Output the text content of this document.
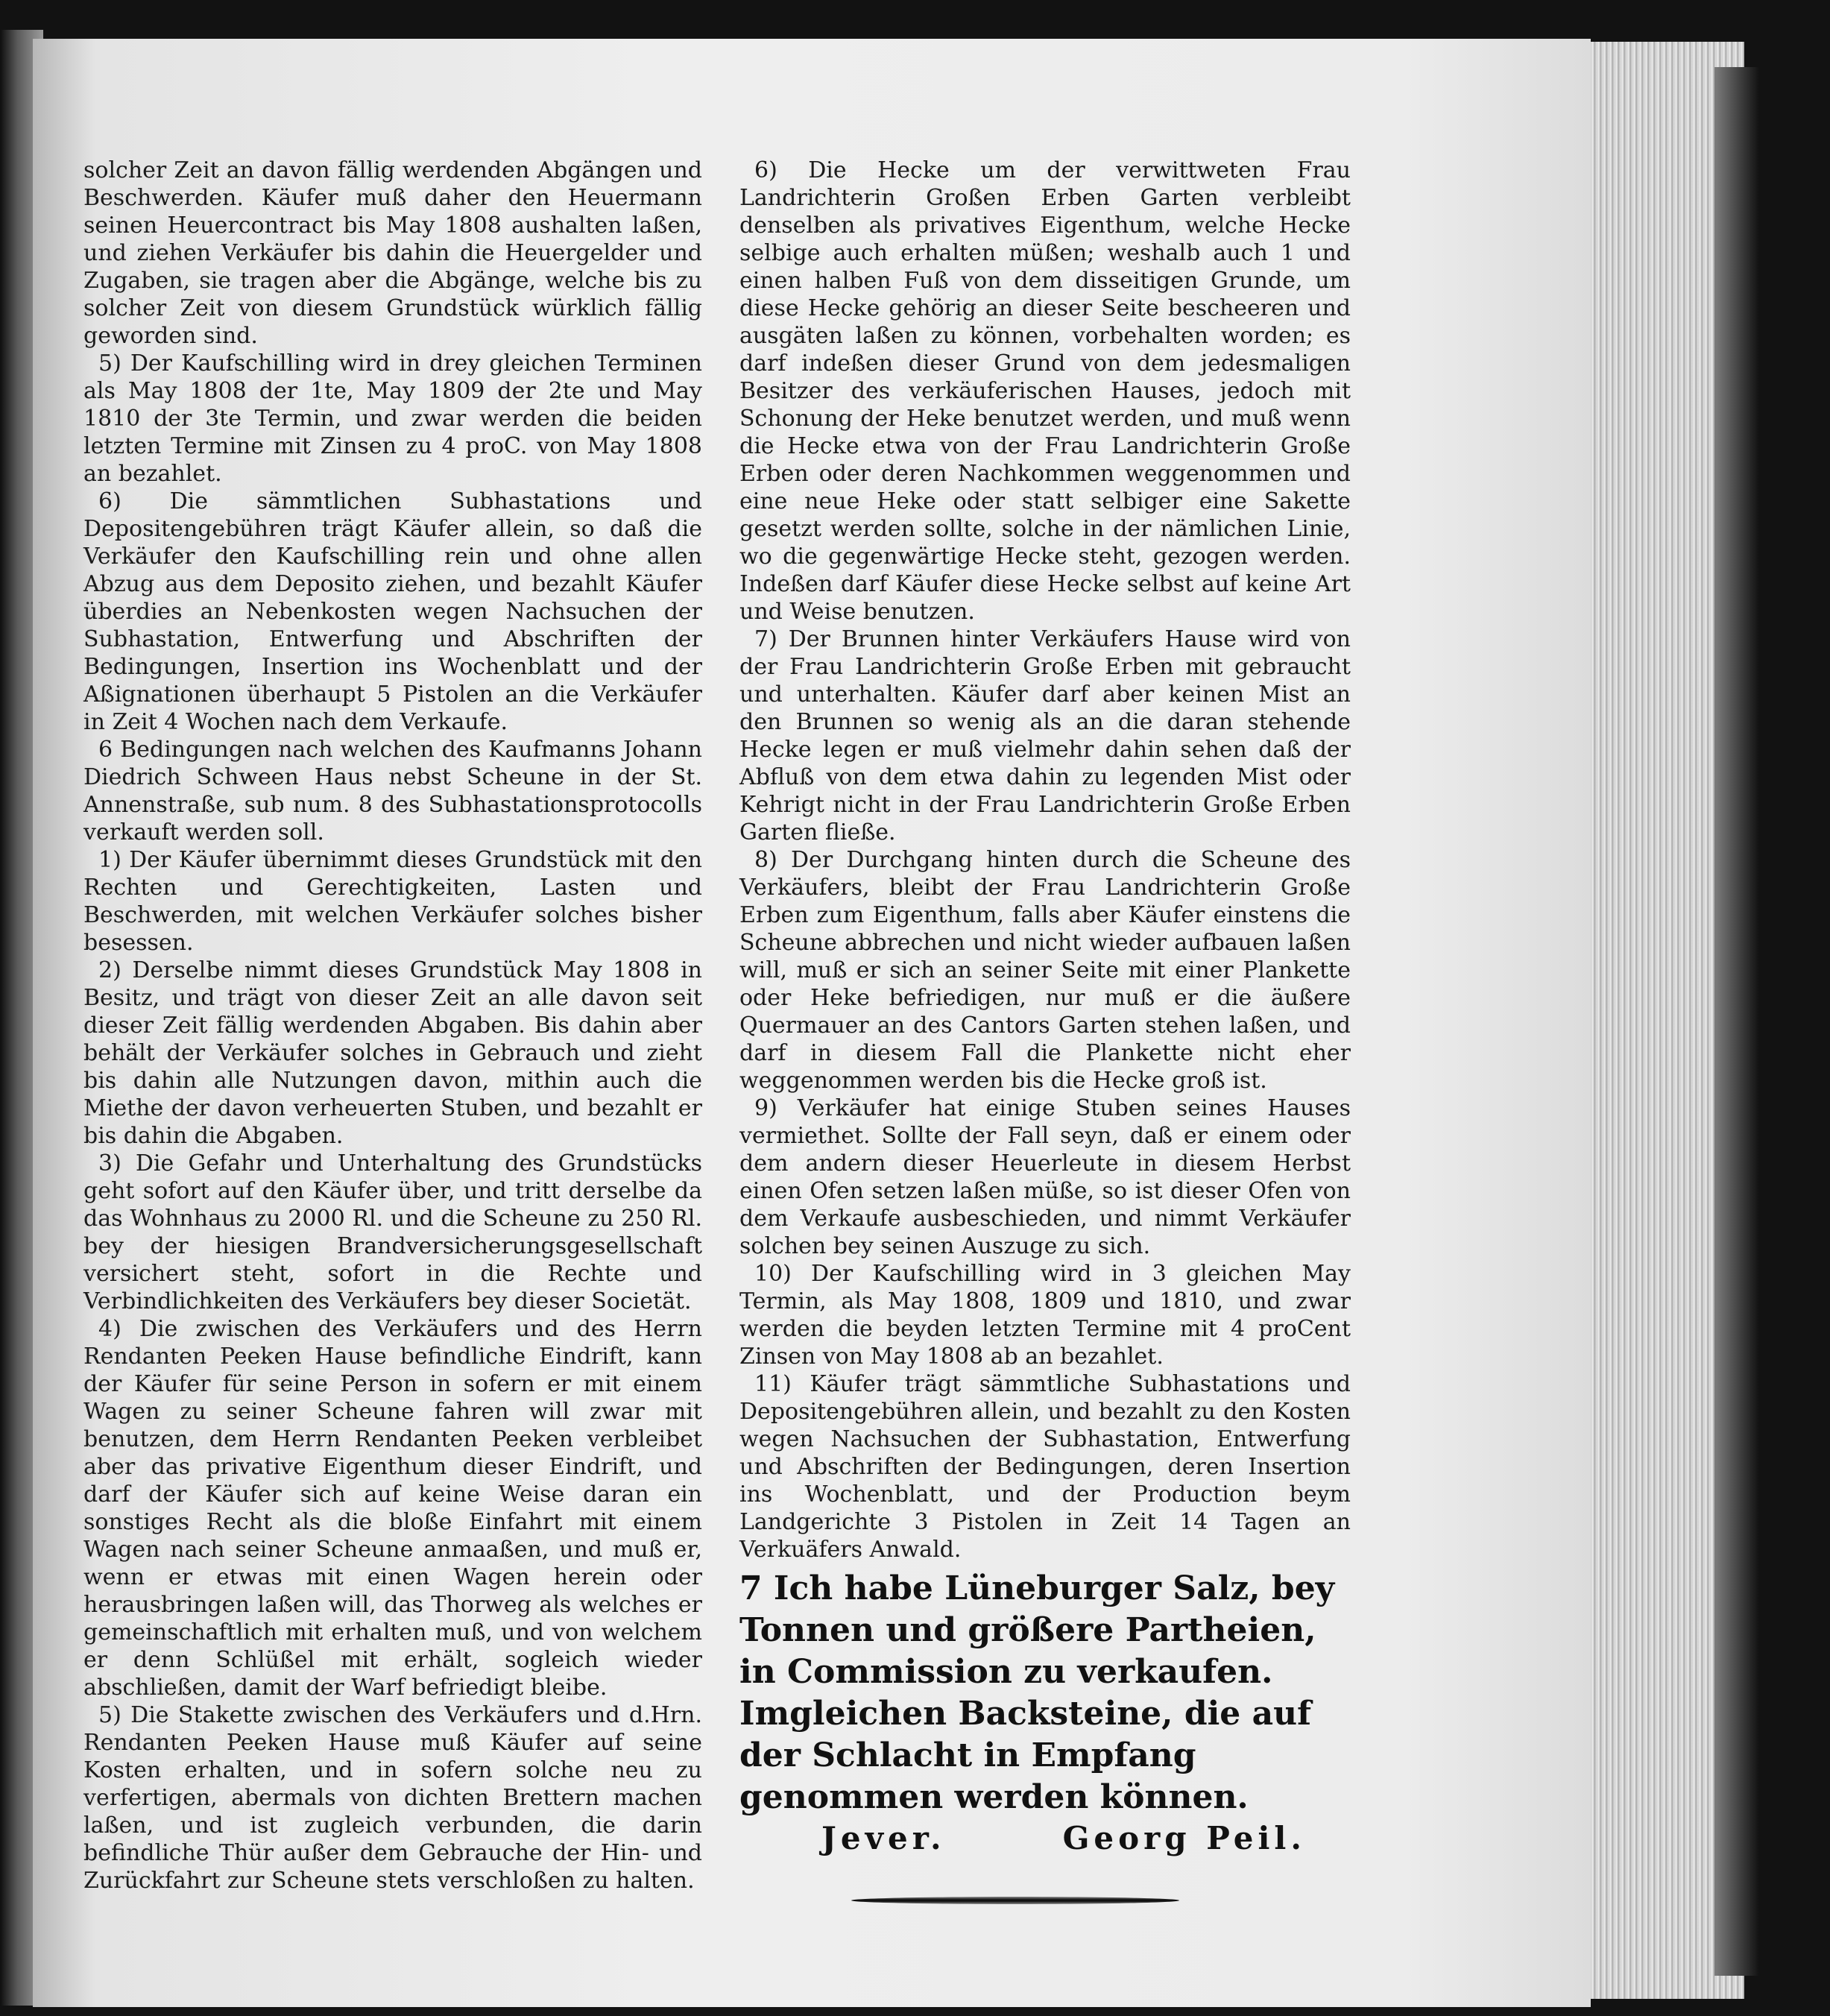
solcher Zeit an davon fällig werdenden Abgängen und Beschwerden. Käufer muß daher den Heuermann seinen Heuercontract bis May 1808 aushalten laßen, und ziehen Verkäufer bis dahin die Heuergelder und Zugaben, sie tragen aber die Abgänge, welche bis zu solcher Zeit von diesem Grundstück würklich fällig geworden sind.

5) Der Kaufschilling wird in drey gleichen Terminen als May 1808 der 1te, May 1809 der 2te und May 1810 der 3te Termin, und zwar werden die beiden letzten Termine mit Zinsen zu 4 proC. von May 1808 an bezahlet.

6) Die sämmtlichen Subhastations und Depositengebühren trägt Käufer allein, so daß die Verkäufer den Kaufschilling rein und ohne allen Abzug aus dem Deposito ziehen, und bezahlt Käufer überdies an Nebenkosten wegen Nachsuchen der Subhastation, Entwerfung und Abschriften der Bedingungen, Insertion ins Wochenblatt und der Aßignationen überhaupt 5 Pistolen an die Verkäufer in Zeit 4 Wochen nach dem Verkaufe.

6 Bedingungen nach welchen des Kaufmanns Johann Diedrich Schween Haus nebst Scheune in der St. Annenstraße, sub num. 8 des Subhastationsprotocolls verkauft werden soll.

1) Der Käufer übernimmt dieses Grundstück mit den Rechten und Gerechtigkeiten, Lasten und Beschwerden, mit welchen Verkäufer solches bisher besessen.

2) Derselbe nimmt dieses Grundstück May 1808 in Besitz, und trägt von dieser Zeit an alle davon seit dieser Zeit fällig werdenden Abgaben. Bis dahin aber behält der Verkäufer solches in Gebrauch und zieht bis dahin alle Nutzungen davon, mithin auch die Miethe der davon verheuerten Stuben, und bezahlt er bis dahin die Abgaben.

3) Die Gefahr und Unterhaltung des Grundstücks geht sofort auf den Käufer über, und tritt derselbe da das Wohnhaus zu 2000 Rl. und die Scheune zu 250 Rl. bey der hiesigen Brandversicherungsgesellschaft versichert steht, sofort in die Rechte und Verbindlichkeiten des Verkäufers bey dieser Societät.

4) Die zwischen des Verkäufers und des Herrn Rendanten Peeken Hause befindliche Eindrift, kann der Käufer für seine Person in sofern er mit einem Wagen zu seiner Scheune fahren will zwar mit benutzen, dem Herrn Rendanten Peeken verbleibet aber das privative Eigenthum dieser Eindrift, und darf der Käufer sich auf keine Weise daran ein sonstiges Recht als die bloße Einfahrt mit einem Wagen nach seiner Scheune anmaaßen, und muß er, wenn er etwas mit einen Wagen herein oder herausbringen laßen will, das Thorweg als welches er gemeinschaftlich mit erhalten muß, und von welchem er denn Schlüßel mit erhält, sogleich wieder abschließen, damit der Warf befriedigt bleibe.

5) Die Stakette zwischen des Verkäufers und d.Hrn. Rendanten Peeken Hause muß Käufer auf seine Kosten erhalten, und in sofern solche neu zu verfertigen, abermals von dichten Brettern machen laßen, und ist zugleich verbunden, die darin befindliche Thür außer dem Gebrauche der Hin- und Zurückfahrt zur Scheune stets verschloßen zu halten.

6) Die Hecke um der verwittweten Frau Landrichterin Großen Erben Garten verbleibt denselben als privatives Eigenthum, welche Hecke selbige auch erhalten müßen; weshalb auch 1 und einen halben Fuß von dem disseitigen Grunde, um diese Hecke gehörig an dieser Seite bescheeren und ausgäten laßen zu können, vorbehalten worden; es darf indeßen dieser Grund von dem jedesmaligen Besitzer des verkäuferischen Hauses, jedoch mit Schonung der Heke benutzet werden, und muß wenn die Hecke etwa von der Frau Landrichterin Große Erben oder deren Nachkommen weggenommen und eine neue Heke oder statt selbiger eine Sakette gesetzt werden sollte, solche in der nämlichen Linie, wo die gegenwärtige Hecke steht, gezogen werden. Indeßen darf Käufer diese Hecke selbst auf keine Art und Weise benutzen.

7) Der Brunnen hinter Verkäufers Hause wird von der Frau Landrichterin Große Erben mit gebraucht und unterhalten. Käufer darf aber keinen Mist an den Brunnen so wenig als an die daran stehende Hecke legen er muß vielmehr dahin sehen daß der Abfluß von dem etwa dahin zu legenden Mist oder Kehrigt nicht in der Frau Landrichterin Große Erben Garten fließe.

8) Der Durchgang hinten durch die Scheune des Verkäufers, bleibt der Frau Landrichterin Große Erben zum Eigenthum, falls aber Käufer einstens die Scheune abbrechen und nicht wieder aufbauen laßen will, muß er sich an seiner Seite mit einer Plankette oder Heke befriedigen, nur muß er die äußere Quermauer an des Cantors Garten stehen laßen, und darf in diesem Fall die Plankette nicht eher weggenommen werden bis die Hecke groß ist.

9) Verkäufer hat einige Stuben seines Hauses vermiethet. Sollte der Fall seyn, daß er einem oder dem andern dieser Heuerleute in diesem Herbst einen Ofen setzen laßen müße, so ist dieser Ofen von dem Verkaufe ausbeschieden, und nimmt Verkäufer solchen bey seinen Auszuge zu sich.

10) Der Kaufschilling wird in 3 gleichen May Termin, als May 1808, 1809 und 1810, und zwar werden die beyden letzten Termine mit 4 proCent Zinsen von May 1808 ab an bezahlet.

11) Käufer trägt sämmtliche Subhastations und Depositengebühren allein, und bezahlt zu den Kosten wegen Nachsuchen der Subhastation, Entwerfung und Abschriften der Bedingungen, deren Insertion ins Wochenblatt, und der Production beym Landgerichte 3 Pistolen in Zeit 14 Tagen an Verkuäfers Anwald.

7 Ich habe Lüneburger Salz, bey Tonnen und größere Partheien, in Commission zu verkaufen. Imgleichen Backsteine, die auf der Schlacht in Empfang genommen werden können.
Jever.	Georg Peil.
